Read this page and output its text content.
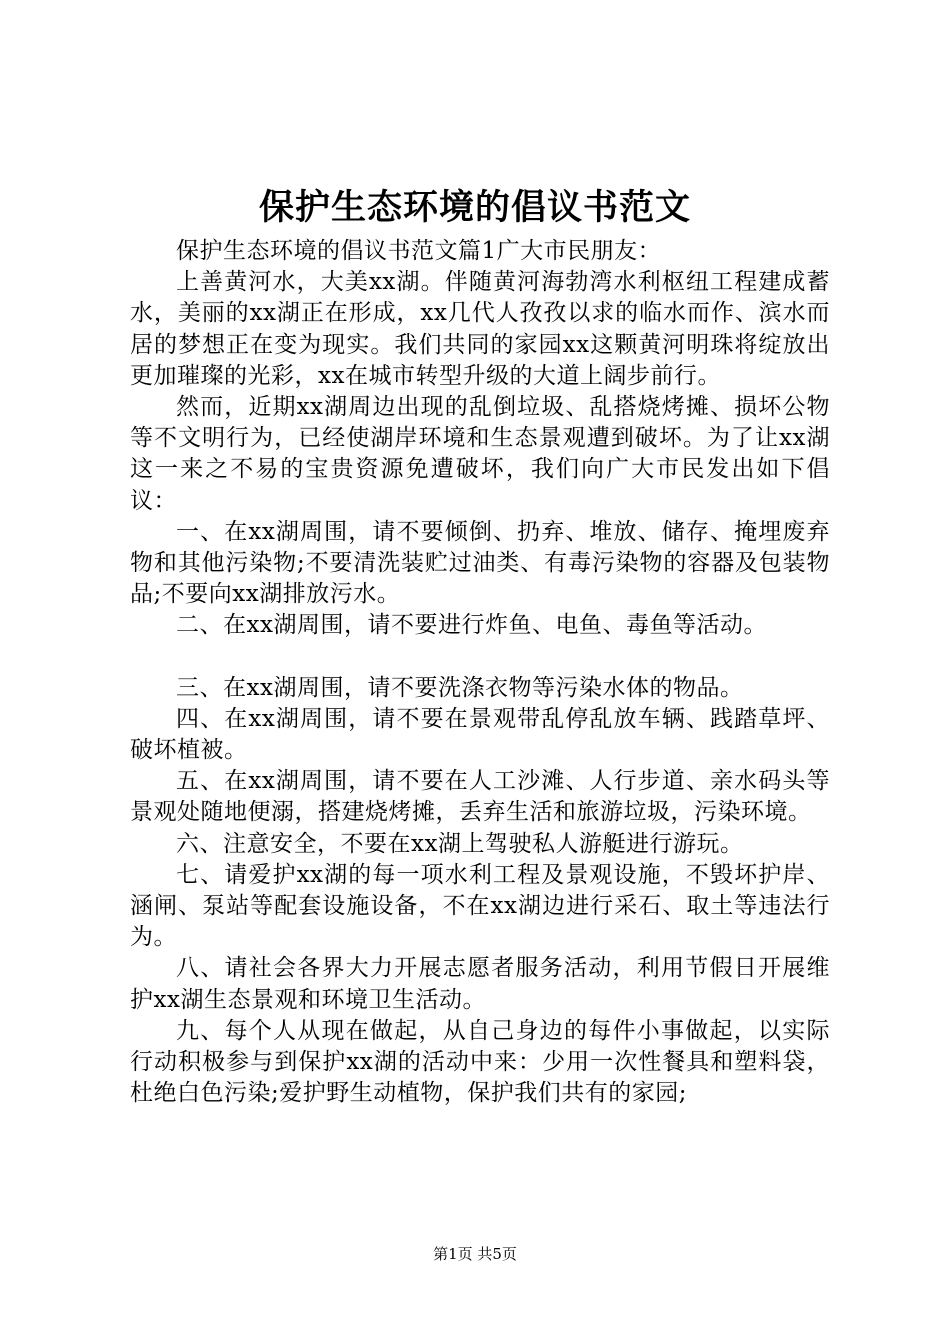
保护生态环境的倡议书范文

保护生态环境的倡议书范文篇1广大市民朋友：

上善黄河水，大美xx湖。伴随黄河海勃湾水利枢纽工程建成蓄水，美丽的xx湖正在形成，xx几代人孜孜以求的临水而作、滨水而居的梦想正在变为现实。我们共同的家园xx这颗黄河明珠将绽放出更加璀璨的光彩，xx在城市转型升级的大道上阔步前行。

然而，近期xx湖周边出现的乱倒垃圾、乱搭烧烤摊、损坏公物等不文明行为，已经使湖岸环境和生态景观遭到破坏。为了让xx湖这一来之不易的宝贵资源免遭破坏，我们向广大市民发出如下倡议：

一、在xx湖周围，请不要倾倒、扔弃、堆放、储存、掩埋废弃物和其他污染物;不要清洗装贮过油类、有毒污染物的容器及包装物品;不要向xx湖排放污水。

二、在xx湖周围，请不要进行炸鱼、电鱼、毒鱼等活动。

三、在xx湖周围，请不要洗涤衣物等污染水体的物品。

四、在xx湖周围，请不要在景观带乱停乱放车辆、践踏草坪、破坏植被。

五、在xx湖周围，请不要在人工沙滩、人行步道、亲水码头等景观处随地便溺，搭建烧烤摊，丢弃生活和旅游垃圾，污染环境。

六、注意安全，不要在xx湖上驾驶私人游艇进行游玩。

七、请爱护xx湖的每一项水利工程及景观设施，不毁坏护岸、涵闸、泵站等配套设施设备，不在xx湖边进行采石、取土等违法行为。

八、请社会各界大力开展志愿者服务活动，利用节假日开展维护xx湖生态景观和环境卫生活动。

九、每个人从现在做起，从自己身边的每件小事做起，以实际行动积极参与到保护xx湖的活动中来：少用一次性餐具和塑料袋，杜绝白色污染;爱护野生动植物，保护我们共有的家园;

第1页 共5页
